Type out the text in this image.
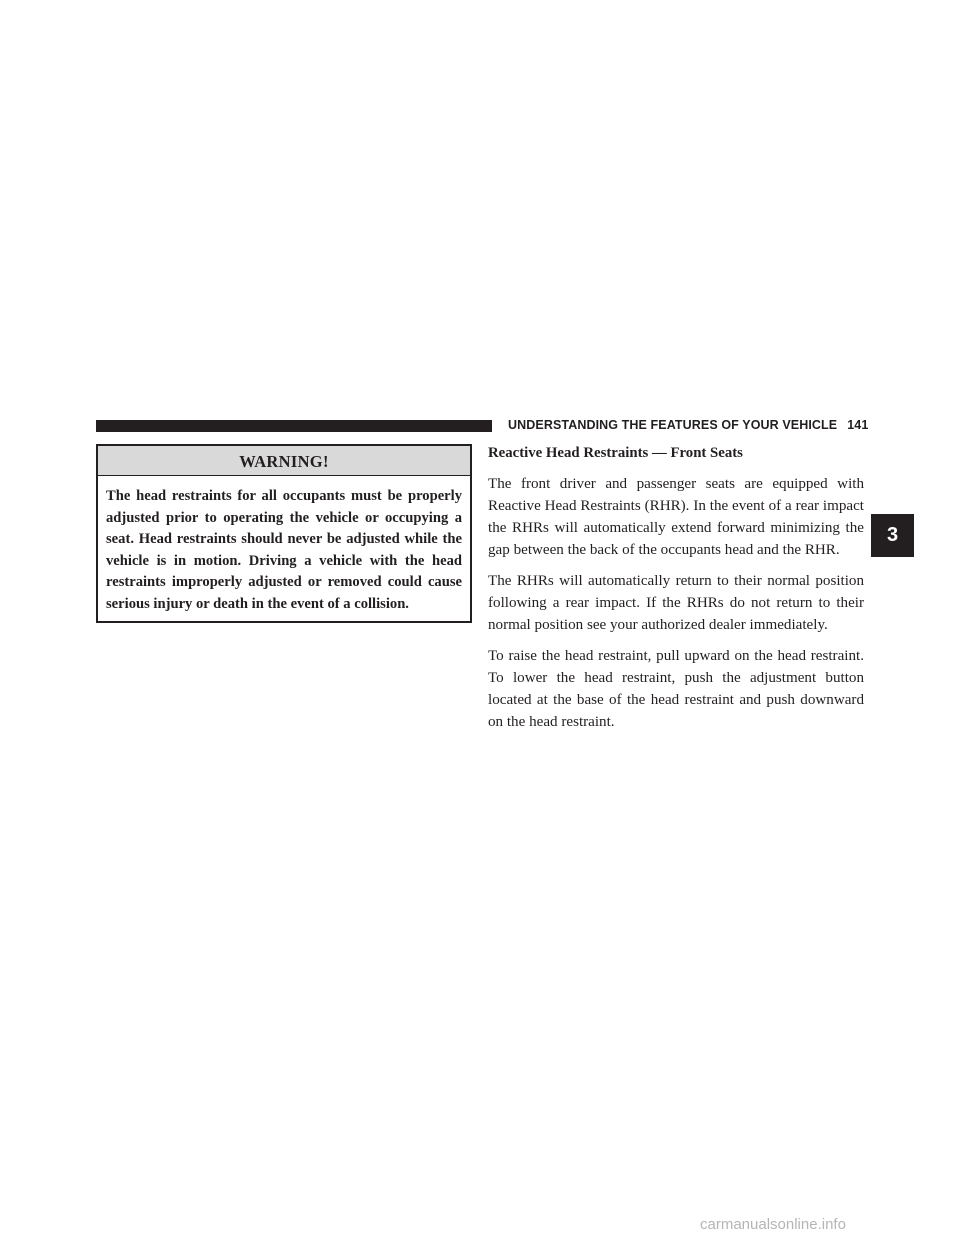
UNDERSTANDING THE FEATURES OF YOUR VEHICLE 141
WARNING!
The head restraints for all occupants must be properly adjusted prior to operating the vehicle or occupying a seat. Head restraints should never be adjusted while the vehicle is in motion. Driving a vehicle with the head restraints improperly adjusted or removed could cause serious injury or death in the event of a collision.
Reactive Head Restraints — Front Seats

The front driver and passenger seats are equipped with Reactive Head Restraints (RHR). In the event of a rear impact the RHRs will automatically extend forward minimizing the gap between the back of the occupants head and the RHR.

The RHRs will automatically return to their normal position following a rear impact. If the RHRs do not return to their normal position see your authorized dealer immediately.

To raise the head restraint, pull upward on the head restraint. To lower the head restraint, push the adjustment button located at the base of the head restraint and push downward on the head restraint.

3
carmanualsonline.info
